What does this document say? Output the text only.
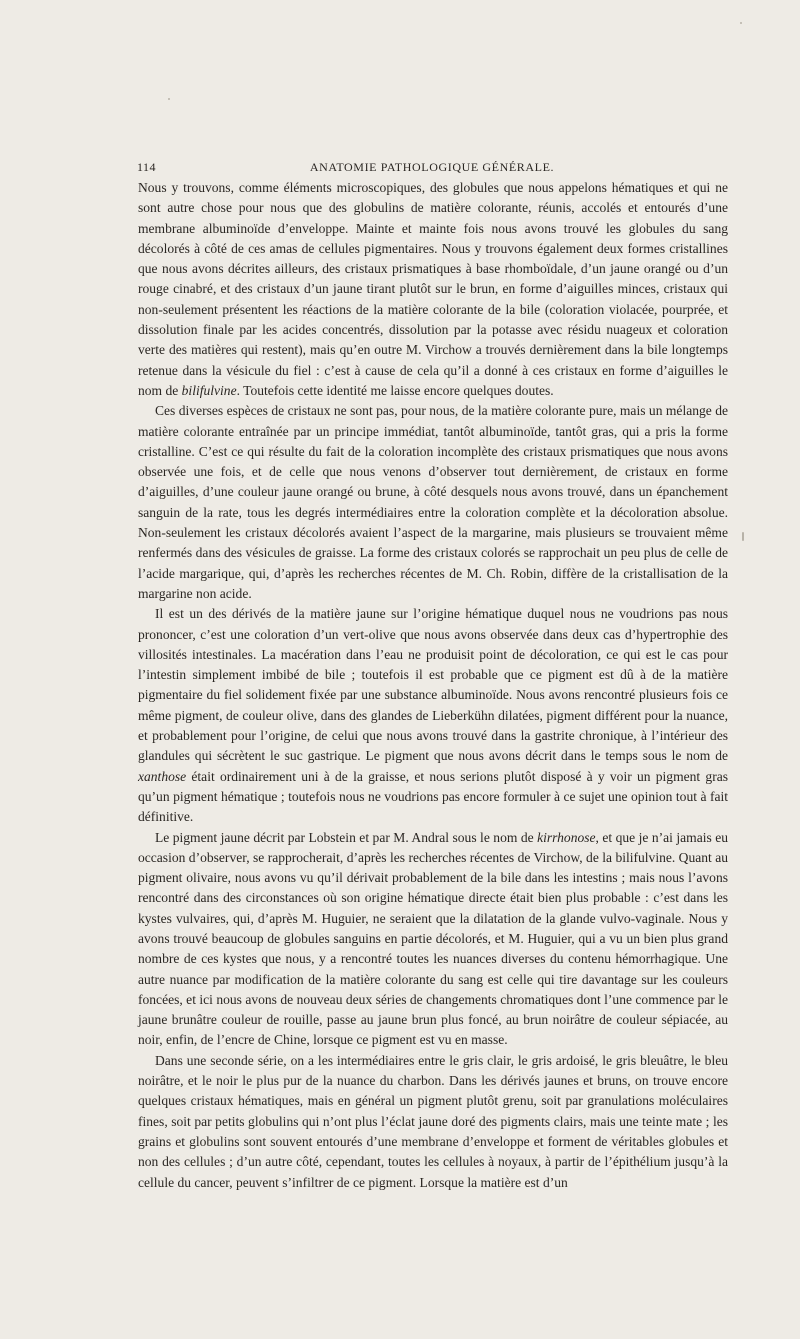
114	ANATOMIE PATHOLOGIQUE GÉNÉRALE.

Nous y trouvons, comme éléments microscopiques, des globules que nous appelons hématiques et qui ne sont autre chose pour nous que des globulins de matière colorante, réunis, accolés et entourés d’une membrane albuminoïde d’enveloppe. Mainte et mainte fois nous avons trouvé les globules du sang décolorés à côté de ces amas de cellules pigmentaires. Nous y trouvons également deux formes cristallines que nous avons décrites ailleurs, des cristaux prismatiques à base rhomboïdale, d’un jaune orangé ou d’un rouge cinabré, et des cristaux d’un jaune tirant plutôt sur le brun, en forme d’aiguilles minces, cristaux qui non-seulement présentent les réactions de la matière colorante de la bile (coloration violacée, pourprée, et dissolution finale par les acides concentrés, dissolution par la potasse avec résidu nuageux et coloration verte des matières qui restent), mais qu’en outre M. Virchow a trouvés dernièrement dans la bile longtemps retenue dans la vésicule du fiel : c’est à cause de cela qu’il a donné à ces cristaux en forme d’aiguilles le nom de bilifulvine. Toutefois cette identité me laisse encore quelques doutes.

Ces diverses espèces de cristaux ne sont pas, pour nous, de la matière colorante pure, mais un mélange de matière colorante entraînée par un principe immédiat, tantôt albuminoïde, tantôt gras, qui a pris la forme cristalline. C’est ce qui résulte du fait de la coloration incomplète des cristaux prismatiques que nous avons observée une fois, et de celle que nous venons d’observer tout dernièrement, de cristaux en forme d’aiguilles, d’une couleur jaune orangé ou brune, à côté desquels nous avons trouvé, dans un épanchement sanguin de la rate, tous les degrés intermédiaires entre la coloration complète et la décoloration absolue. Non-seulement les cristaux décolorés avaient l’aspect de la margarine, mais plusieurs se trouvaient même renfermés dans des vésicules de graisse. La forme des cristaux colorés se rapprochait un peu plus de celle de l’acide margarique, qui, d’après les recherches récentes de M. Ch. Robin, diffère de la cristallisation de la margarine non acide.

Il est un des dérivés de la matière jaune sur l’origine hématique duquel nous ne voudrions pas nous prononcer, c’est une coloration d’un vert-olive que nous avons observée dans deux cas d’hypertrophie des villosités intestinales. La macération dans l’eau ne produisit point de décoloration, ce qui est le cas pour l’intestin simplement imbibé de bile ; toutefois il est probable que ce pigment est dû à de la matière pigmentaire du fiel solidement fixée par une substance albuminoïde. Nous avons rencontré plusieurs fois ce même pigment, de couleur olive, dans des glandes de Lieberkühn dilatées, pigment différent pour la nuance, et probablement pour l’origine, de celui que nous avons trouvé dans la gastrite chronique, à l’intérieur des glandules qui sécrètent le suc gastrique. Le pigment que nous avons décrit dans le temps sous le nom de xanthose était ordinairement uni à de la graisse, et nous serions plutôt disposé à y voir un pigment gras qu’un pigment hématique ; toutefois nous ne voudrions pas encore formuler à ce sujet une opinion tout à fait définitive.

Le pigment jaune décrit par Lobstein et par M. Andral sous le nom de kirrhonose, et que je n’ai jamais eu occasion d’observer, se rapprocherait, d’après les recherches récentes de Virchow, de la bilifulvine. Quant au pigment olivaire, nous avons vu qu’il dérivait probablement de la bile dans les intestins ; mais nous l’avons rencontré dans des circonstances où son origine hématique directe était bien plus probable : c’est dans les kystes vulvaires, qui, d’après M. Huguier, ne seraient que la dilatation de la glande vulvo-vaginale. Nous y avons trouvé beaucoup de globules sanguins en partie décolorés, et M. Huguier, qui a vu un bien plus grand nombre de ces kystes que nous, y a rencontré toutes les nuances diverses du contenu hémorrhagique. Une autre nuance par modification de la matière colorante du sang est celle qui tire davantage sur les couleurs foncées, et ici nous avons de nouveau deux séries de changements chromatiques dont l’une commence par le jaune brunâtre couleur de rouille, passe au jaune brun plus foncé, au brun noirâtre de couleur sépiacée, au noir, enfin, de l’encre de Chine, lorsque ce pigment est vu en masse.

Dans une seconde série, on a les intermédiaires entre le gris clair, le gris ardoisé, le gris bleuâtre, le bleu noirâtre, et le noir le plus pur de la nuance du charbon. Dans les dérivés jaunes et bruns, on trouve encore quelques cristaux hématiques, mais en général un pigment plutôt grenu, soit par granulations moléculaires fines, soit par petits globulins qui n’ont plus l’éclat jaune doré des pigments clairs, mais une teinte mate ; les grains et globulins sont souvent entourés d’une membrane d’enveloppe et forment de véritables globules et non des cellules ; d’un autre côté, cependant, toutes les cellules à noyaux, à partir de l’épithélium jusqu’à la cellule du cancer, peuvent s’infiltrer de ce pigment. Lorsque la matière est d’un
